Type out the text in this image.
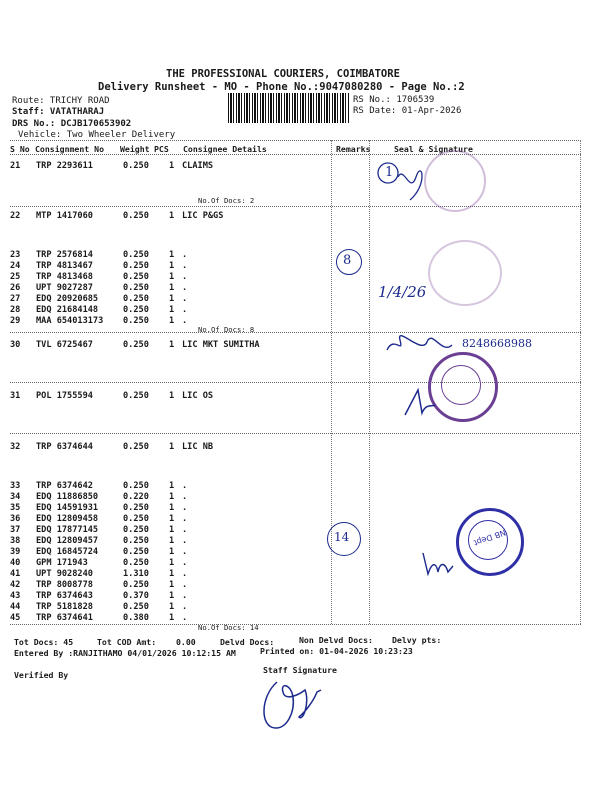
THE PROFESSIONAL COURIERS, COIMBATORE
Delivery Runsheet - MO - Phone No.:9047080280 - Page No.:2
Route: TRICHY ROAD
Staff: VATATHARAJ
DRS No.: DCJB170653902
Vehicle: Two Wheeler Delivery
RS No.: 1706539
RS Date: 01-Apr-2026
S No Consignment No Weight PCS Consignee Details	Remarks	Seal & Signature
21 TRP 2293611	0.250 1 CLAIMS
22 MTP 1417060	0.250 1 LIC P&GS
23 TRP 2576814	0.250 1 .
24 TRP 4813467	0.250 1 .
25 TRP 4813468	0.250 1 .
26 UPT 9027287	0.250 1 .
27 EDQ 20920685	0.250 1 .
28 EDQ 21684148	0.250 1 .
29 MAA 654013173 0.250 1 .
30 TVL 6725467	0.250 1 LIC MKT SUMITHA
31 POL 1755594	0.250 1 LIC OS
32 TRP 6374644	0.250 1 LIC NB
33 TRP 6374642	0.250 1 .
34 EDQ 11886850	0.220 1 .
35 EDQ 14591931	0.250 1 .
36 EDQ 12809458	0.250 1 .
37 EDQ 17877145	0.250 1 .
38 EDQ 12809457	0.250 1 .
39 EDQ 16845724	0.250 1 .
40 GPM 171943	0.250 1 .
41 UPT 9028240	1.310 1 .
42 TRP 8008778	0.250 1 .
43 TRP 6374643	0.370 1 .
44 TRP 5181828	0.250 1 .
45 TRP 6374641	0.380 1 .
No.Of Docs: 2
No.Of Docs: 8
No.Of Docs: 14
1
8
1/4/26
8248668988
14	NB Dept
Tot Docs: 45	Tot COD Amt: 0.00	Delvd Docs:	Non Delvd Docs: Delvy pts:
Entered By :RANJITHAMO 04/01/2026 10:12:15 AM	Printed on: 01-04-2026 10:23:23
Staff Signature
Verified By
